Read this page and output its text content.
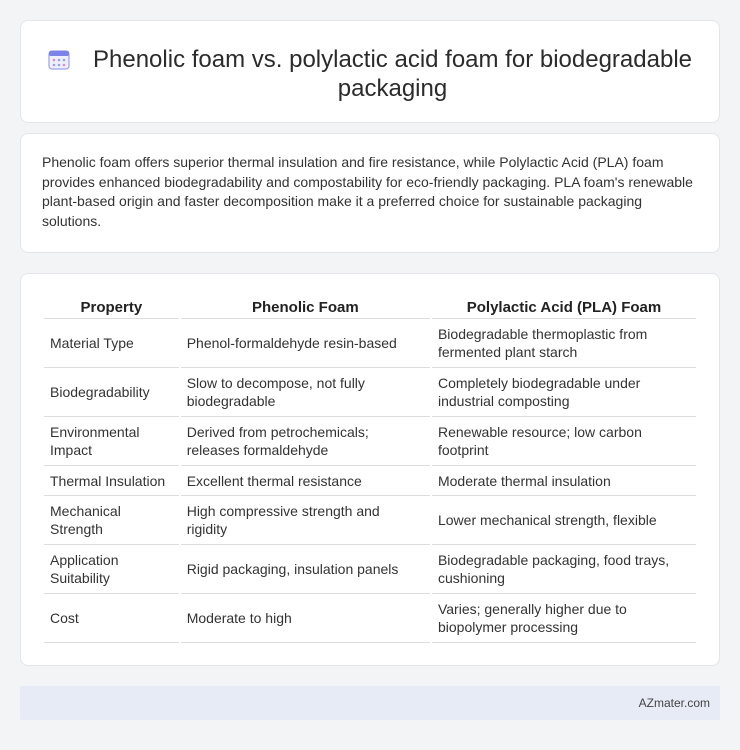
Phenolic foam vs. polylactic acid foam for biodegradable packaging

Phenolic foam offers superior thermal insulation and fire resistance, while Polylactic Acid (PLA) foam provides enhanced biodegradability and compostability for eco-friendly packaging. PLA foam's renewable plant-based origin and faster decomposition make it a preferred choice for sustainable packaging solutions.

Property	Phenolic Foam	Polylactic Acid (PLA) Foam
Material Type	Phenol-formaldehyde resin-based	Biodegradable thermoplastic from fermented plant starch
Biodegradability	Slow to decompose, not fully biodegradable	Completely biodegradable under industrial composting
Environmental Impact	Derived from petrochemicals; releases formaldehyde	Renewable resource; low carbon footprint
Thermal Insulation	Excellent thermal resistance	Moderate thermal insulation
Mechanical Strength	High compressive strength and rigidity	Lower mechanical strength, flexible
Application Suitability	Rigid packaging, insulation panels	Biodegradable packaging, food trays, cushioning
Cost	Moderate to high	Varies; generally higher due to biopolymer processing
AZmater.com
